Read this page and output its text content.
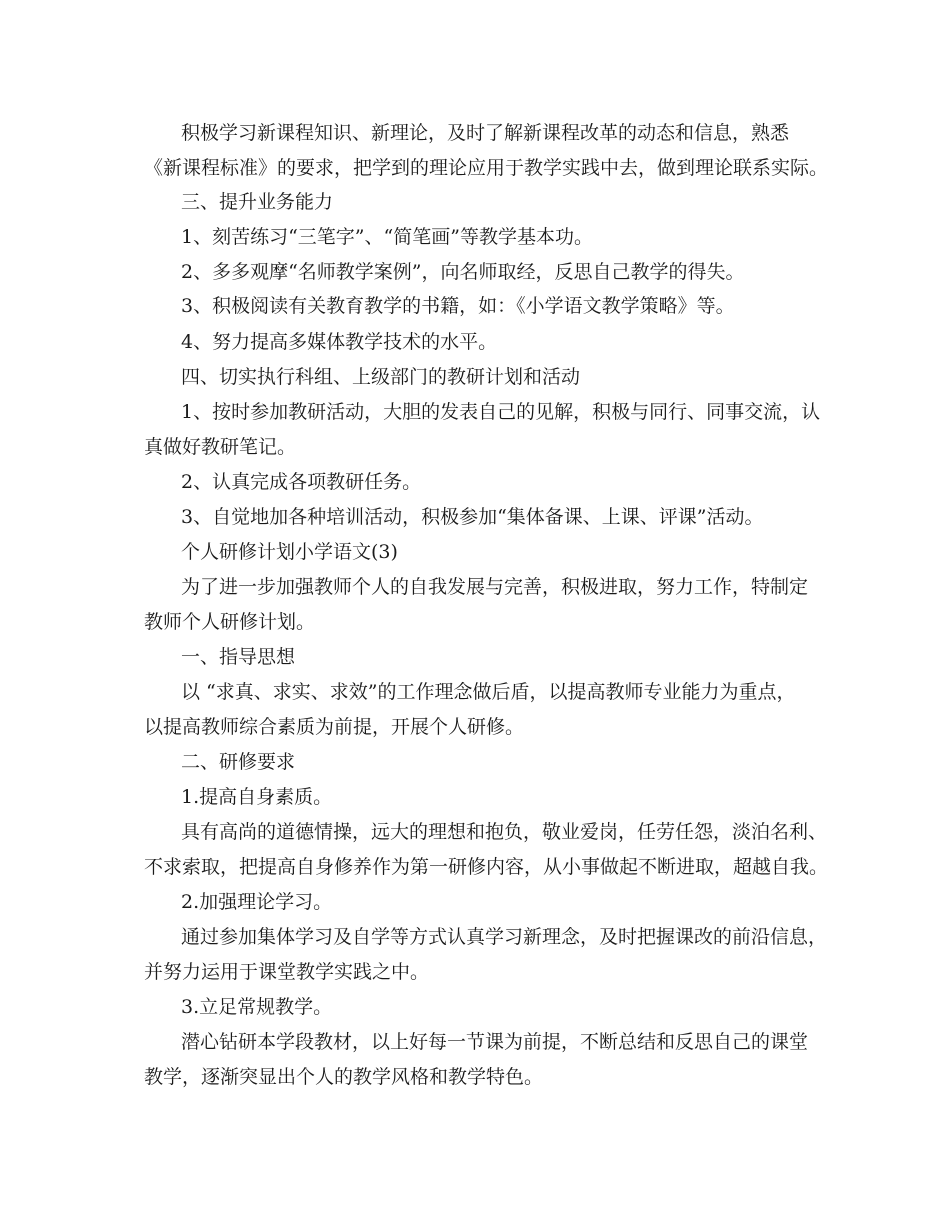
积极学习新课程知识、新理论，及时了解新课程改革的动态和信息，熟悉
《新课程标准》的要求，把学到的理论应用于教学实践中去，做到理论联系实际。
三、提升业务能力
1、刻苦练习“三笔字”、“简笔画”等教学基本功。
2、多多观摩“名师教学案例”，向名师取经，反思自己教学的得失。
3、积极阅读有关教育教学的书籍，如：《小学语文教学策略》等。
4、努力提高多媒体教学技术的水平。
四、切实执行科组、上级部门的教研计划和活动
1、按时参加教研活动，大胆的发表自己的见解，积极与同行、同事交流，认
真做好教研笔记。
2、认真完成各项教研任务。
3、自觉地加各种培训活动，积极参加“集体备课、上课、评课”活动。
个人研修计划小学语文(3)
为了进一步加强教师个人的自我发展与完善，积极进取，努力工作，特制定
教师个人研修计划。
一、指导思想
以 “求真、求实、求效”的工作理念做后盾，以提高教师专业能力为重点，
以提高教师综合素质为前提，开展个人研修。
二、研修要求
1.提高自身素质。
具有高尚的道德情操，远大的理想和抱负，敬业爱岗，任劳任怨，淡泊名利、
不求索取，把提高自身修养作为第一研修内容，从小事做起不断进取，超越自我。
2.加强理论学习。
通过参加集体学习及自学等方式认真学习新理念，及时把握课改的前沿信息，
并努力运用于课堂教学实践之中。
3.立足常规教学。
潜心钻研本学段教材，以上好每一节课为前提，不断总结和反思自己的课堂
教学，逐渐突显出个人的教学风格和教学特色。
